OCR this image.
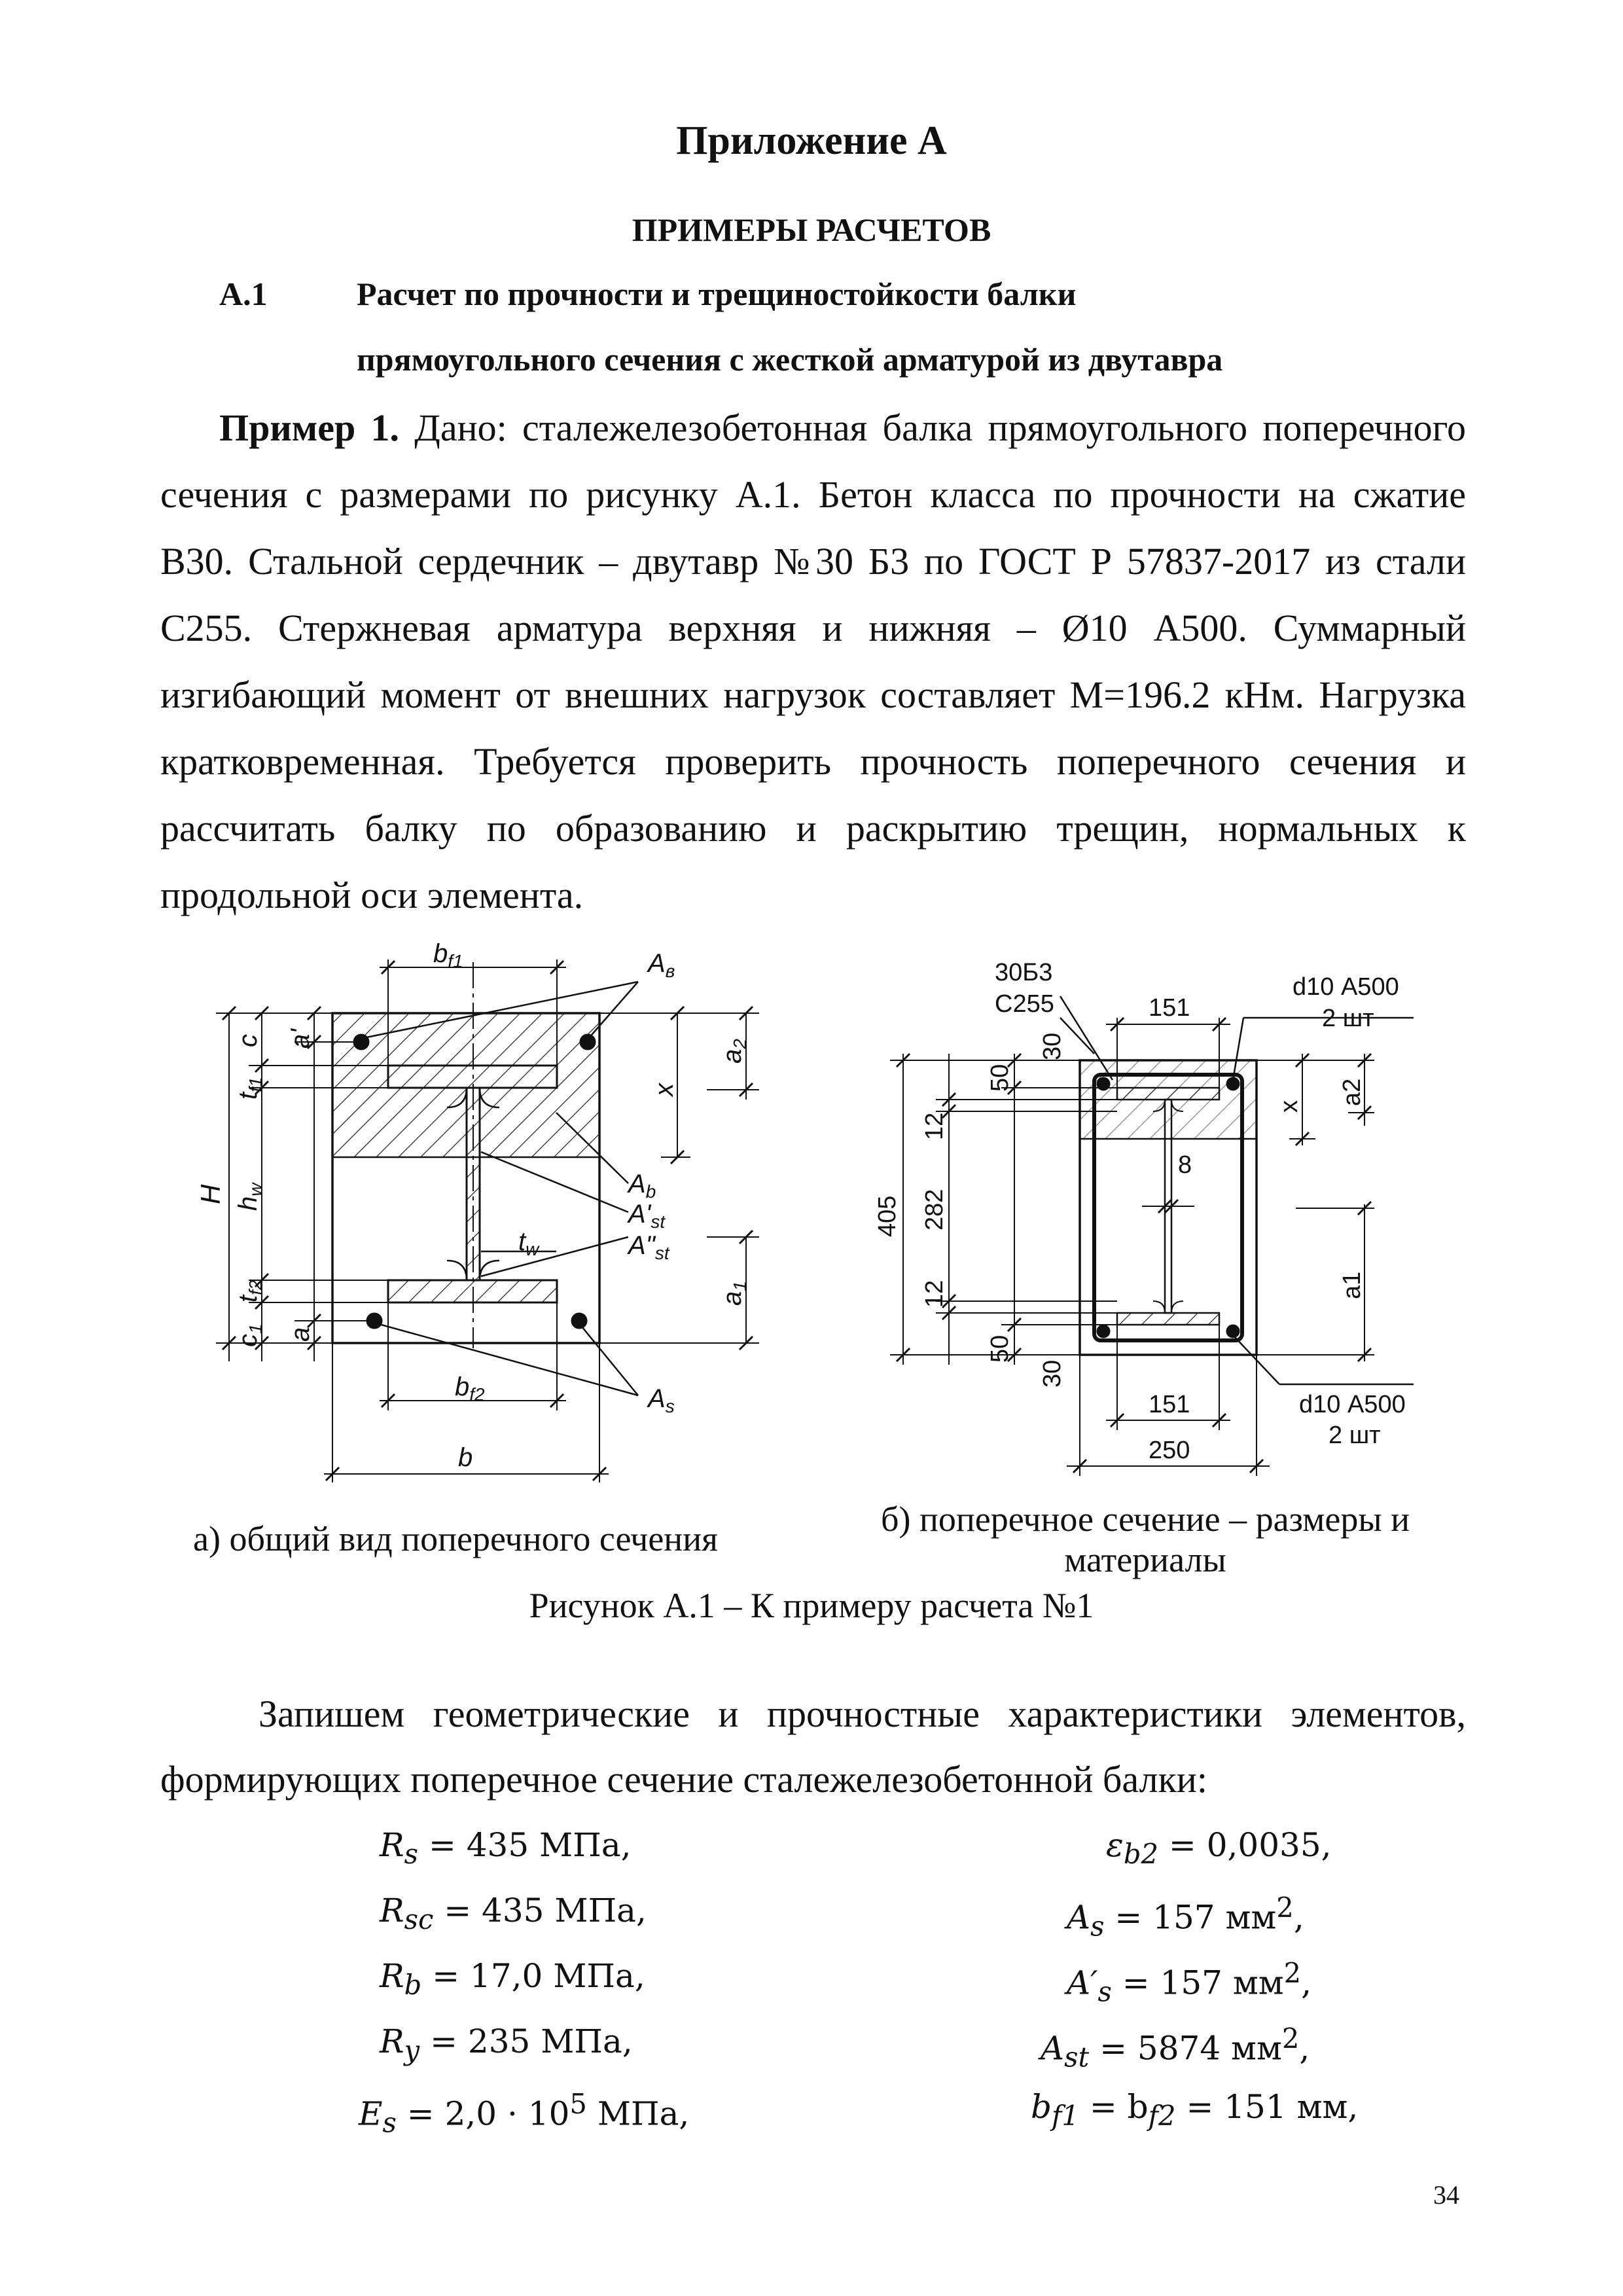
Приложение А
ПРИМЕРЫ РАСЧЕТОВ
А.1	Расчет по прочности и трещиностойкости балки
прямоугольного сечения с жесткой арматурой из двутавра
Пример 1. Дано: сталежелезобетонная балка прямоугольного поперечного
сечения с размерами по рисунку А.1. Бетон класса по прочности на сжатие
В30. Стальной сердечник – двутавр №30 Б3 по ГОСТ Р 57837-2017 из стали
С255. Стержневая арматура верхняя и нижняя – Ø10 А500. Суммарный
изгибающий момент от внешних нагрузок составляет М=196.2 кНм. Нагрузка
кратковременная. Требуется проверить прочность поперечного сечения и
рассчитать балку по образованию и раскрытию трещин, нормальных к
продольной оси элемента.
$b_{f1}$	$A_в$
$A_b$
$A'_{st}$
$A"_{st}$
$t_w$
$b_{f2}$	$A_s$
b
H
c
$t_{f1}$
$h_w$
$t_{f2}$
$c_1$
a'
a
x
$a_2$
$a_1$
30Б3
С255	151
d10 А500
2 шт
151
250
d10 А500
2 шт
8
405 282
12
12
50
50
30
30
x
a2
a1
а) общий вид поперечного сечения	б) поперечное сечение – размеры и
материалы
Рисунок А.1 – К примеру расчета №1
Запишем геометрические и прочностные характеристики элементов,
формирующих поперечное сечение сталежелезобетонной балки:
$R_s = 435$ МПа,
$R_{sc} = 435$ МПа,
$R_b = 17,0$ МПа,
$R_y = 235$ МПа,
$E_s = 2,0 \cdot 10^5$ МПа,
$\varepsilon_{b2} = 0,0035$,
$A_s = 157$ $мм^2$,
$A'_s = 157$ $мм^2$,
$A_{st} = 5874$ $мм^2$,
$b_{f1} = b_{f2} = 151$ мм,
34
